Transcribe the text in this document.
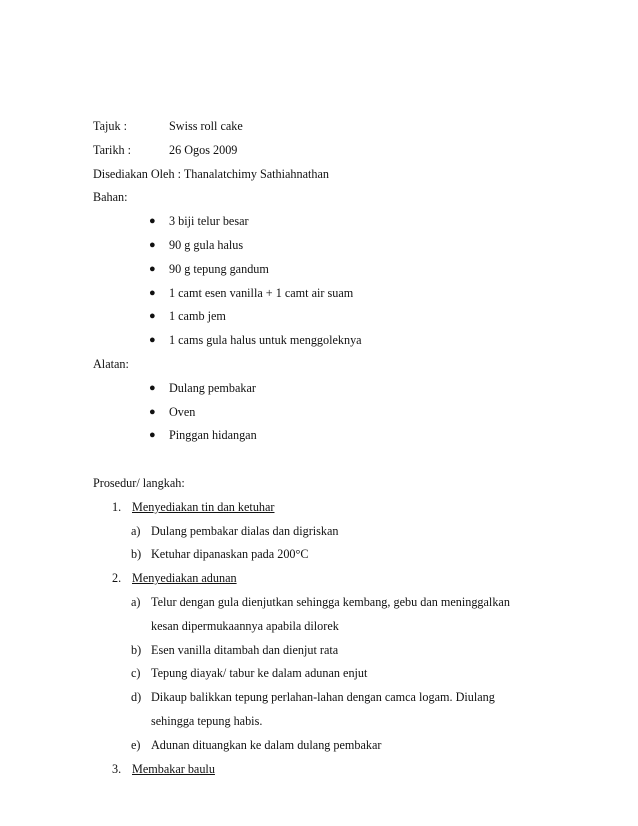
Tajuk :	Swiss roll cake
Tarikh :	26 Ogos 2009
Disediakan Oleh : Thanalatchimy Sathiahnathan
Bahan:
● 3 biji telur besar
● 90 g gula halus
● 90 g tepung gandum
● 1 camt esen vanilla + 1 camt air suam
● 1 camb jem
● 1 cams gula halus untuk menggoleknya
Alatan:
● Dulang pembakar
● Oven
● Pinggan hidangan
Prosedur/ langkah:
1. Menyediakan tin dan ketuhar
a) Dulang pembakar dialas dan digriskan
b) Ketuhar dipanaskan pada 200°C
2. Menyediakan adunan
a) Telur dengan gula dienjutkan sehingga kembang, gebu dan meninggalkan
kesan dipermukaannya apabila dilorek
b) Esen vanilla ditambah dan dienjut rata
c) Tepung diayak/ tabur ke dalam adunan enjut
d) Dikaup balikkan tepung perlahan-lahan dengan camca logam. Diulang
sehingga tepung habis.
e) Adunan dituangkan ke dalam dulang pembakar
3. Membakar baulu
